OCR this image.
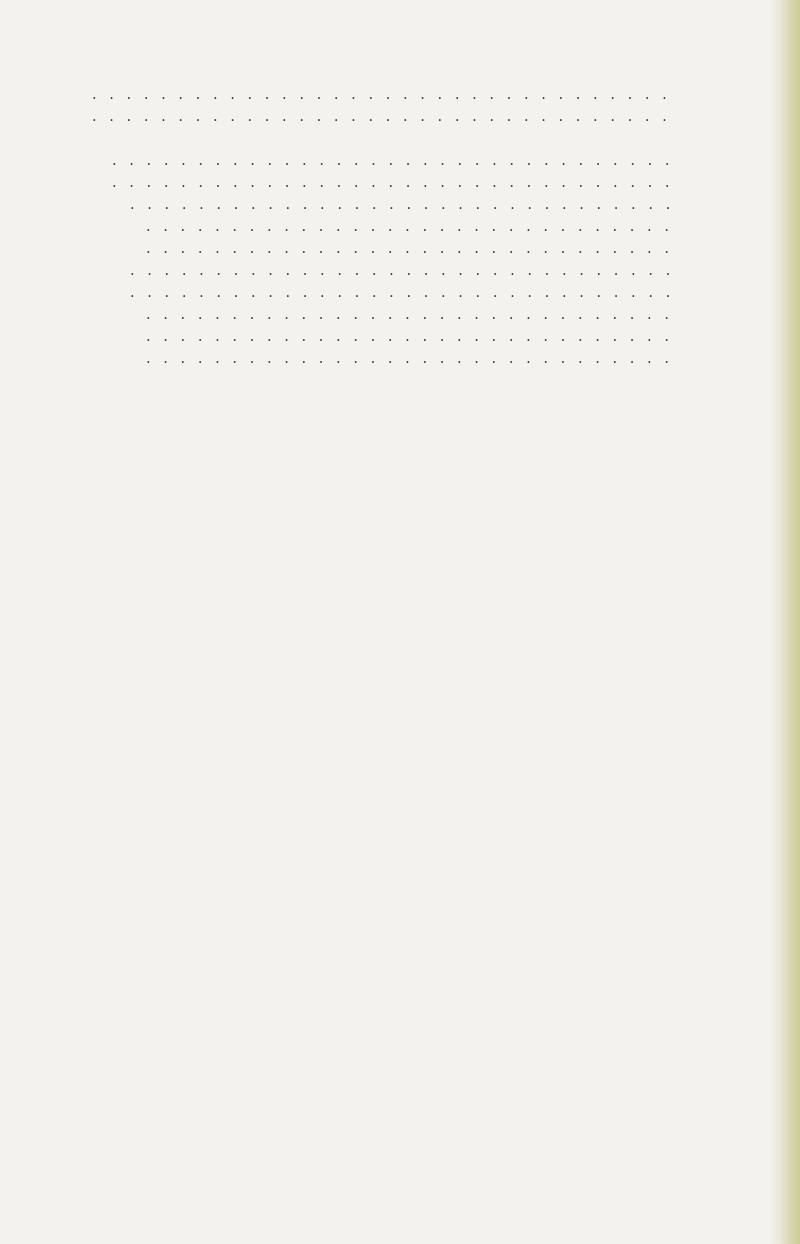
. . .
. . .
. . .
. . .
. . .
. . .
. . .
. . .
. . .
. . .
. . .
. . .
